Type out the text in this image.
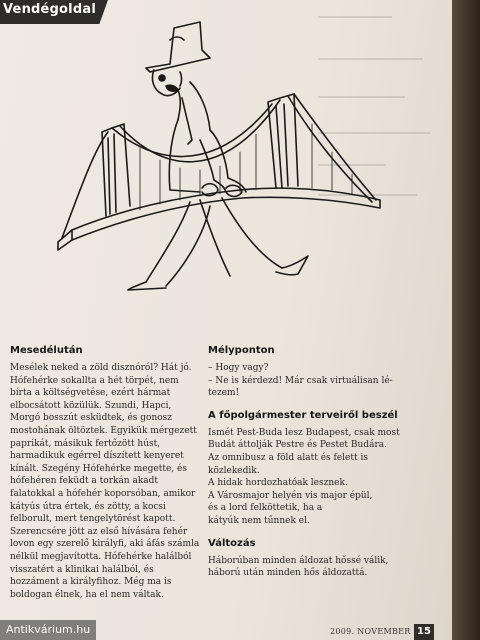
Vendégoldal
Mesedélután
Mesélek neked a zöld disznóról? Hát jó.
Hófehérke sokallta a hét törpét, nem
bírta a költségvetése, ezért hármat
elbocsátott közülük. Szundi, Hapci,
Morgó bosszút esküdtek, és gonosz
mostohának öltöztek. Egyikük mérgezett
paprikát, másikuk fertőzött húst,
harmadikuk egérrel díszített kenyeret
kínált. Szegény Hófehérke megette, és
hófehéren feküdt a torkán akadt
falatokkal a hófehér koporsóban, amikor
kátyús útra értek, és zötty, a kocsi
felborult, mert tengelytörést kapott.
Szerencsére jött az első hívására fehér
lovon egy szerelő királyfi, aki áfás számla
nélkül megjavította. Hófehérke halálból
visszatért a klinikai halálból, és
hozzáment a királyfihoz. Még ma is
boldogan élnek, ha el nem váltak.
Mélyponton
– Hogy vagy?
– Ne is kérdezd! Már csak virtuálisan lé-
tezem!
A főpolgármester terveiről beszél
Ismét Pest-Buda lesz Budapest, csak most
Budát áttolják Pestre és Pestet Budára.
Az omnibusz a föld alatt és felett is
közlekedik.
A hidak hordozhatóak lesznek.
A Városmajor helyén vis major épül,
és a lord felköttetik, ha a
kátyúk nem tűnnek el.
Változás
Háborúban minden áldozat hőssé válik,
háború után minden hős áldozattá.
2009. NOVEMBER 15
Antikvárium.hu
